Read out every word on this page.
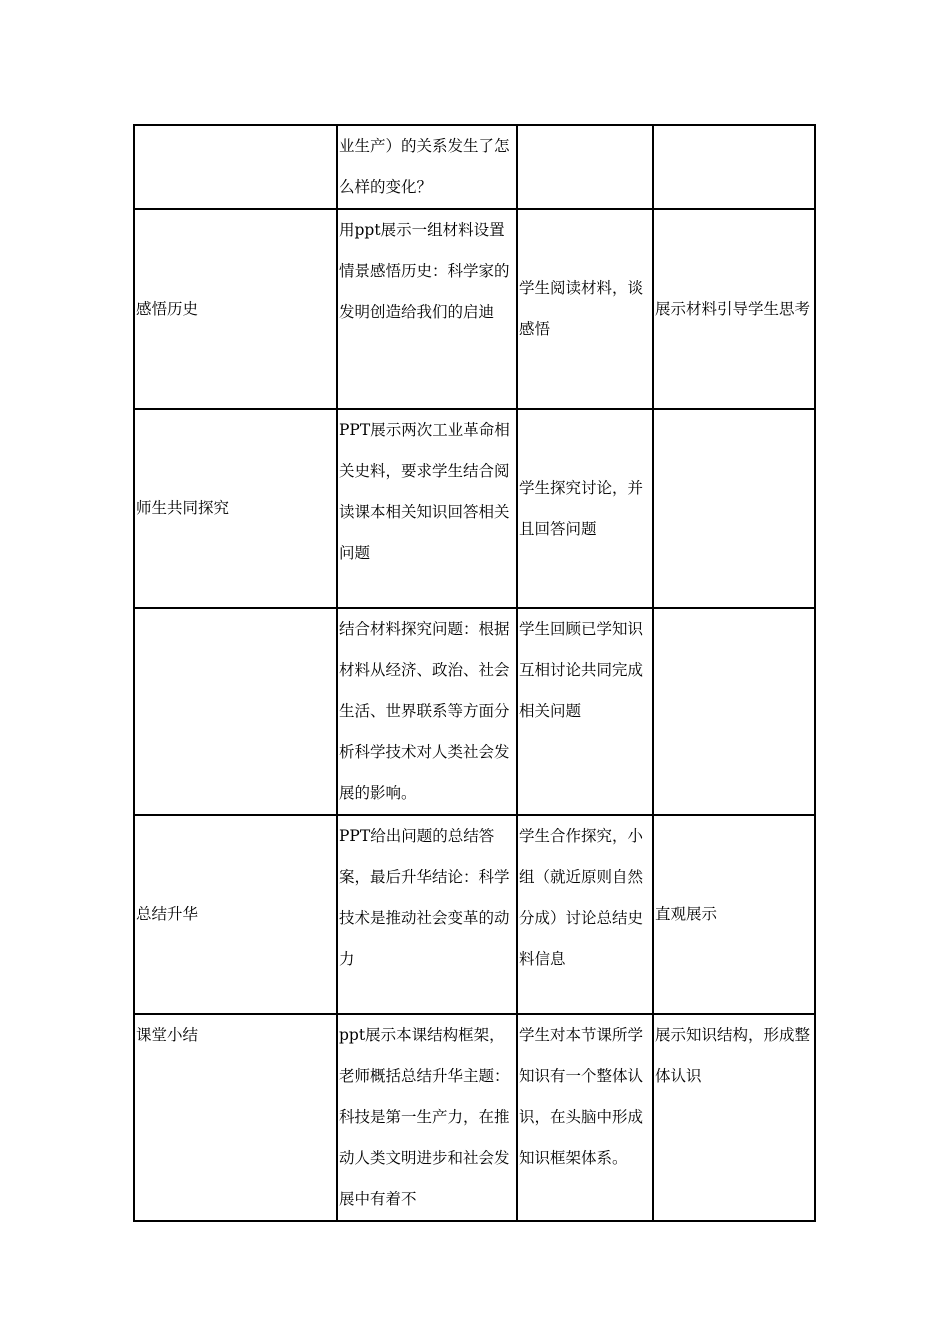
	业生产）的关系发生了怎么样的变化？		
感悟历史	用ppt展示一组材料设置情景感悟历史：科学家的发明创造给我们的启迪	学生阅读材料，谈感悟	展示材料引导学生思考
师生共同探究	PPT展示两次工业革命相关史料，要求学生结合阅读课本相关知识回答相关问题	学生探究讨论，并且回答问题	
	结合材料探究问题：根据材料从经济、政治、社会生活、世界联系等方面分析科学技术对人类社会发展的影响。	学生回顾已学知识互相讨论共同完成相关问题	
总结升华	PPT给出问题的总结答案，最后升华结论：科学技术是推动社会变革的动力	学生合作探究，小组（就近原则自然分成）讨论总结史料信息	直观展示
课堂小结	ppt展示本课结构框架，老师概括总结升华主题：科技是第一生产力，在推动人类文明进步和社会发展中有着不	学生对本节课所学知识有一个整体认识，在头脑中形成知识框架体系。	展示知识结构，形成整体认识
